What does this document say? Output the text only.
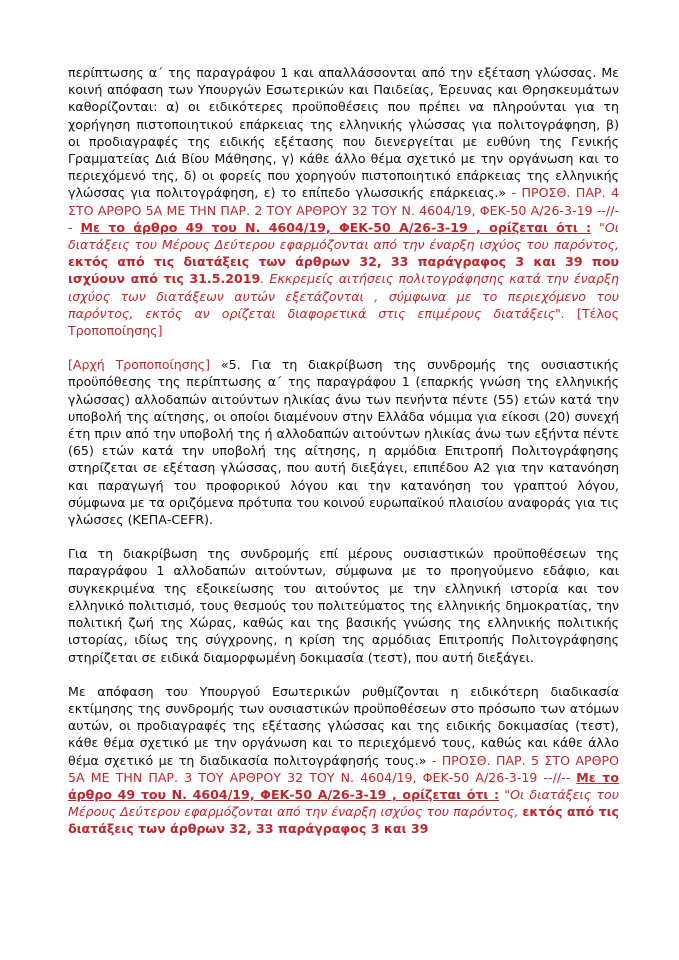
περίπτωσης α΄ της παραγράφου 1 και απαλλάσσονται από την εξέταση γλώσσας. Με κοινή απόφαση των Υπουργών Εσωτερικών και Παιδείας, Έρευνας και Θρησκευμάτων καθορίζονται: α) οι ειδικότερες προϋποθέσεις που πρέπει να πληρούνται για τη χορήγηση πιστοποιητικού επάρκειας της ελληνικής γλώσσας για πολιτογράφηση, β) οι προδιαγραφές της ειδικής εξέτασης που διενεργείται με ευθύνη της Γενικής Γραμματείας Διά Βίου Μάθησης, γ) κάθε άλλο θέμα σχετικό με την οργάνωση και το περιεχόμενό της, δ) οι φορείς που χορηγούν πιστοποιητικό επάρκειας της ελληνικής γλώσσας για πολιτογράφηση, ε) το επίπεδο γλωσσικής επάρκειας.» - ΠΡΟΣΘ. ΠΑΡ. 4 ΣΤΟ ΑΡΘΡΟ 5Α ΜΕ ΤΗΝ ΠΑΡ. 2 ΤΟΥ ΑΡΘΡΟΥ 32 ΤΟΥ Ν. 4604/19, ΦΕΚ-50 Α/26-3-19 --//-- Με το άρθρο 49 του Ν. 4604/19, ΦΕΚ-50 Α/26-3-19 , ορίζεται ότι : "Οι διατάξεις του Μέρους Δεύτερου εφαρμόζονται από την έναρξη ισχύος του παρόντος, εκτός από τις διατάξεις των άρθρων 32, 33 παράγραφος 3 και 39 που ισχύουν από τις 31.5.2019. Εκκρεμείς αιτήσεις πολιτογράφησης κατά την έναρξη ισχύος των διατάξεων αυτών εξετάζονται , σύμφωνα με το περιεχόμενο του παρόντος, εκτός αν ορίζεται διαφορετικά στις επιμέρους διατάξεις". [Τέλος Τροποποίησης]

[Αρχή Τροποποίησης] «5. Για τη διακρίβωση της συνδρομής της ουσιαστικής προϋπόθεσης της περίπτωσης α΄ της παραγράφου 1 (επαρκής γνώση της ελληνικής γλώσσας) αλλοδαπών αιτούντων ηλικίας άνω των πενήντα πέντε (55) ετών κατά την υποβολή της αίτησης, οι οποίοι διαμένουν στην Ελλάδα νόμιμα για είκοσι (20) συνεχή έτη πριν από την υποβολή της ή αλλοδαπών αιτούντων ηλικίας άνω των εξήντα πέντε (65) ετών κατά την υποβολή της αίτησης, η αρμόδια Επιτροπή Πολιτογράφησης στηρίζεται σε εξέταση γλώσσας, που αυτή διεξάγει, επιπέδου Α2 για την κατανόηση και παραγωγή του προφορικού λόγου και την κατανόηση του γραπτού λόγου, σύμφωνα με τα οριζόμενα πρότυπα του κοινού ευρωπαϊκού πλαισίου αναφοράς για τις γλώσσες (ΚΕΠΑ-CEFR).

Για τη διακρίβωση της συνδρομής επί μέρους ουσιαστικών προϋποθέσεων της παραγράφου 1 αλλοδαπών αιτούντων, σύμφωνα με το προηγούμενο εδάφιο, και συγκεκριμένα της εξοικείωσης του αιτούντος με την ελληνική ιστορία και τον ελληνικό πολιτισμό, τους θεσμούς του πολιτεύματος της ελληνικής δημοκρατίας, την πολιτική ζωή της Χώρας, καθώς και της βασικής γνώσης της ελληνικής πολιτικής ιστορίας, ιδίως της σύγχρονης, η κρίση της αρμόδιας Επιτροπής Πολιτογράφησης στηρίζεται σε ειδικά διαμορφωμένη δοκιμασία (τεστ), που αυτή διεξάγει.

Με απόφαση του Υπουργού Εσωτερικών ρυθμίζονται η ειδικότερη διαδικασία εκτίμησης της συνδρομής των ουσιαστικών προϋποθέσεων στο πρόσωπο των ατόμων αυτών, οι προδιαγραφές της εξέτασης γλώσσας και της ειδικής δοκιμασίας (τεστ), κάθε θέμα σχετικό με την οργάνωση και το περιεχόμενό τους, καθώς και κάθε άλλο θέμα σχετικό με τη διαδικασία πολιτογράφησής τους.» - ΠΡΟΣΘ. ΠΑΡ. 5 ΣΤΟ ΑΡΘΡΟ 5Α ΜΕ ΤΗΝ ΠΑΡ. 3 ΤΟΥ ΑΡΘΡΟΥ 32 ΤΟΥ Ν. 4604/19, ΦΕΚ-50 Α/26-3-19 --//-- Με το άρθρο 49 του Ν. 4604/19, ΦΕΚ-50 Α/26-3-19 , ορίζεται ότι : "Οι διατάξεις του Μέρους Δεύτερου εφαρμόζονται από την έναρξη ισχύος του παρόντος, εκτός από τις διατάξεις των άρθρων 32, 33 παράγραφος 3 και 39
